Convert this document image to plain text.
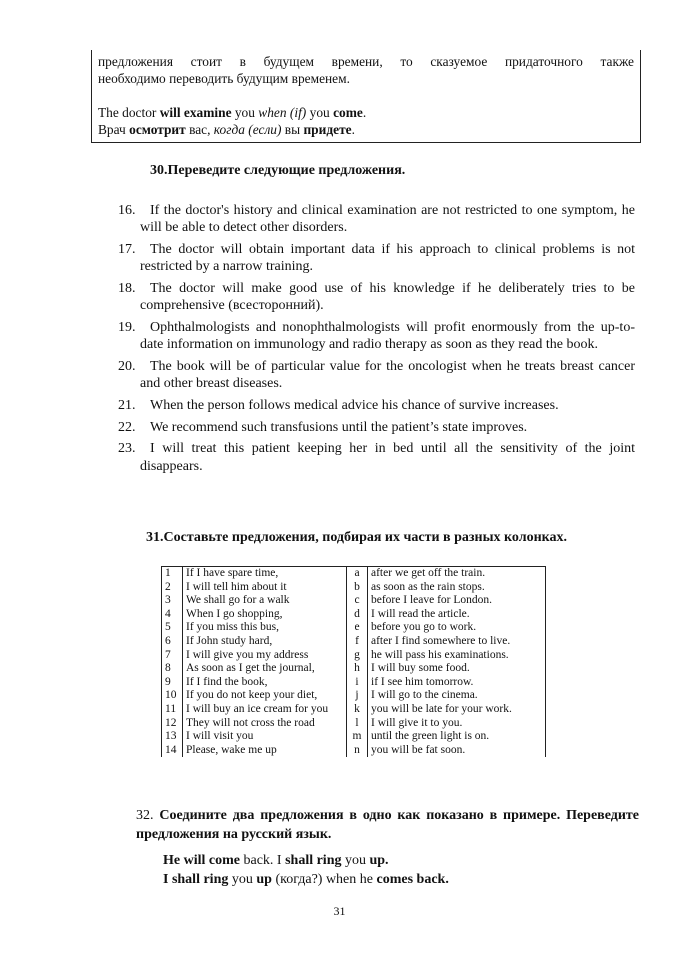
предложения стоит в будущем времени, то сказуемое придаточного также
необходимо переводить будущим временем.
The doctor will examine you when (if) you come.
Врач осмотрит вас, когда (если) вы придете.
30.Переведите следующие предложения.
16.	If the doctor's history and clinical examination are not restricted to one symptom, he will be able to detect other disorders.
17.	The doctor will obtain important data if his approach to clinical problems is not restricted by a narrow training.
18.	The doctor will make good use of his knowledge if he deliberately tries to be comprehensive (всесторонний).
19.	Ophthalmologists and nonophthalmologists will profit enormously from the up-to-date information on immunology and radio therapy as soon as they read the book.
20.	The book will be of particular value for the oncologist when he treats breast cancer and other breast diseases.
21.	When the person follows medical advice his chance of survive increases.
22.	We recommend such transfusions until the patient’s state improves.
23.	I will treat this patient keeping her in bed until all the sensitivity of the joint disappears.
31.Составьте предложения, подбирая их части в разных колонках.
1	If I have spare time,	a	after we get off the train.
2	I will tell him about it	b	as soon as the rain stops.
3	We shall go for a walk	c	before I leave for London.
4	When I go shopping,	d	I will read the article.
5	If you miss this bus,	e	before you go to work.
6	If John study hard,	f	after I find somewhere to live.
7	I will give you my address	g	he will pass his examinations.
8	As soon as I get the journal,	h	I will buy some food.
9	If I find the book,	i	if I see him tomorrow.
10	If you do not keep your diet,	j	I will go to the cinema.
11	I will buy an ice cream for you	k	you will be late for your work.
12	They will not cross the road	l	I will give it to you.
13	I will visit you	m	until the green light is on.
14	Please, wake me up	n	you will be fat soon.
32. Соедините два предложения в одно как показано в примере. Переведите предложения на русский язык.
He will come back. I shall ring you up.
I shall ring you up (когда?) when he comes back.
31
